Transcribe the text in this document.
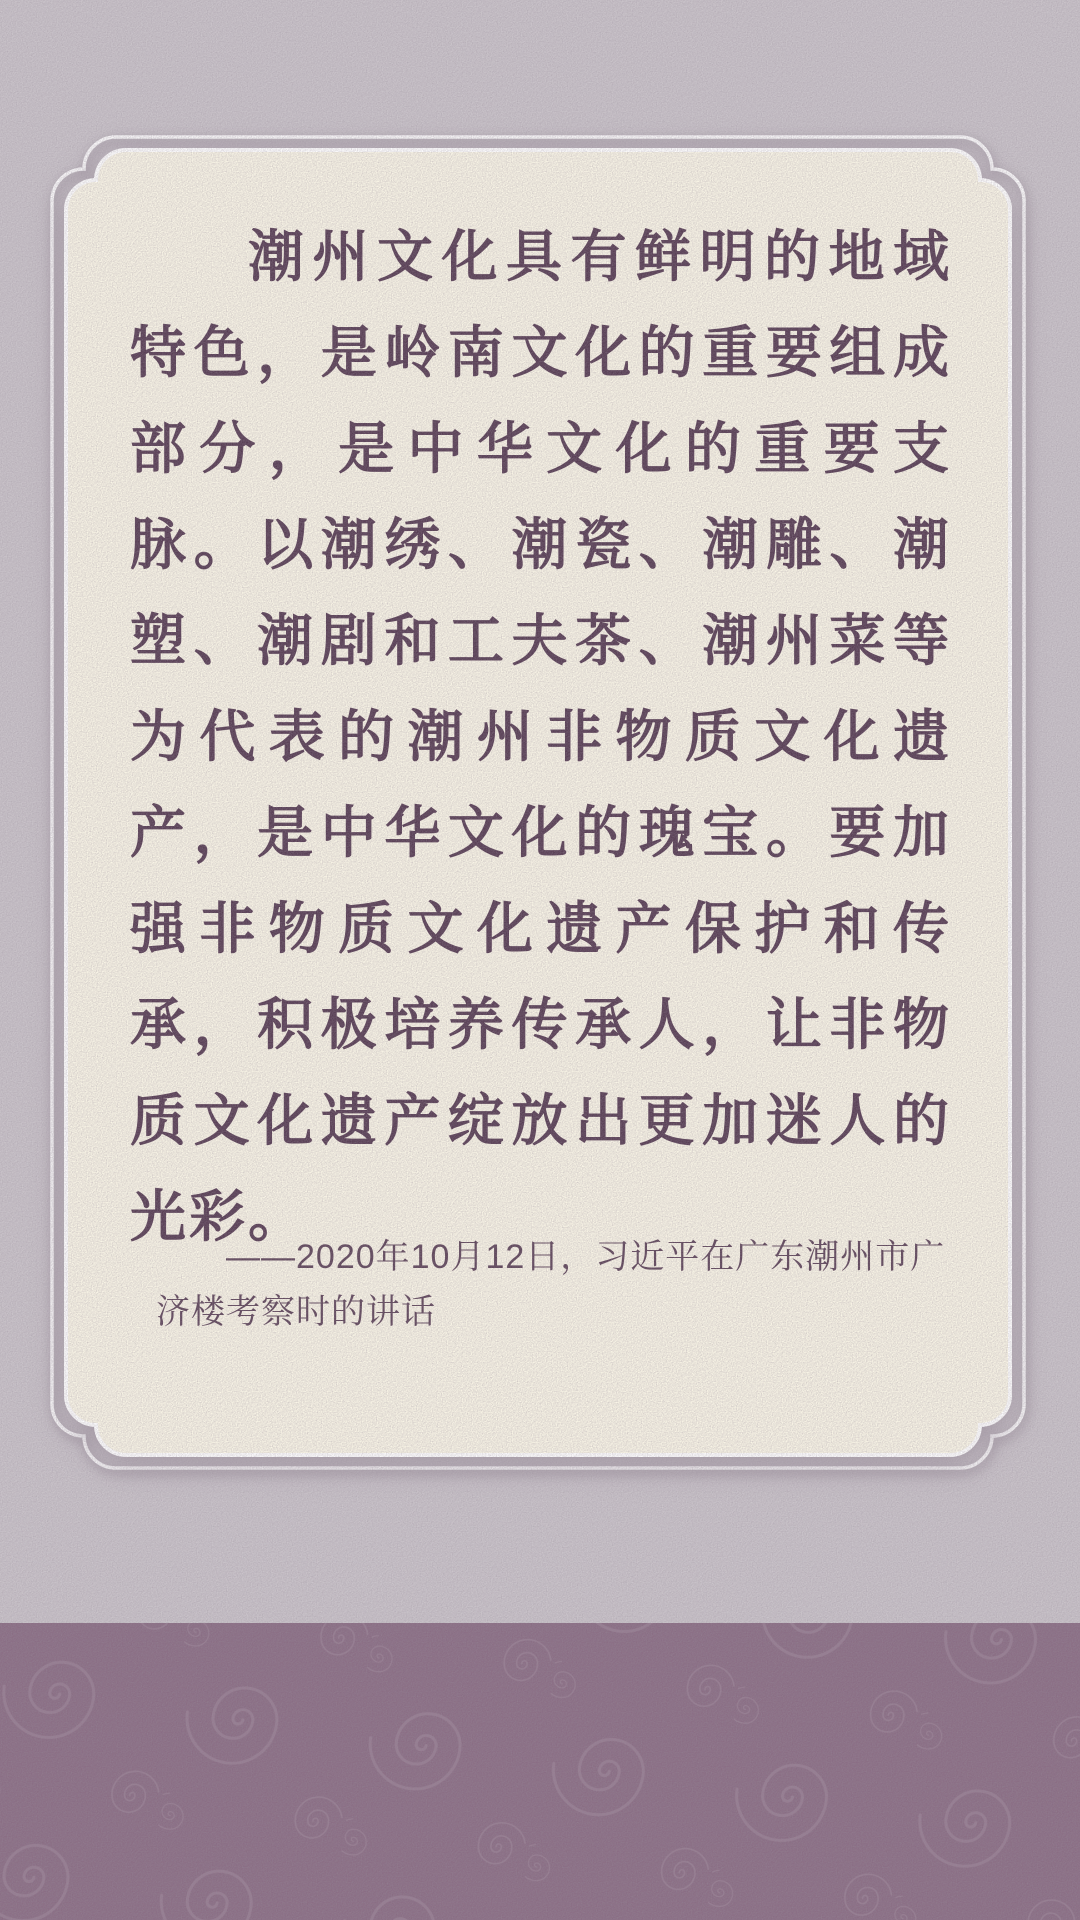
潮州文化具有鲜明的地域特色，是岭南文化的重要组成部分，是中华文化的重要支脉。以潮绣、潮瓷、潮雕、潮塑、潮剧和工夫茶、潮州菜等为代表的潮州非物质文化遗产，是中华文化的瑰宝。要加强非物质文化遗产保护和传承，积极培养传承人，让非物质文化遗产绽放出更加迷人的光彩。
——2020年10月12日，习近平在广东潮州市广济楼考察时的讲话
